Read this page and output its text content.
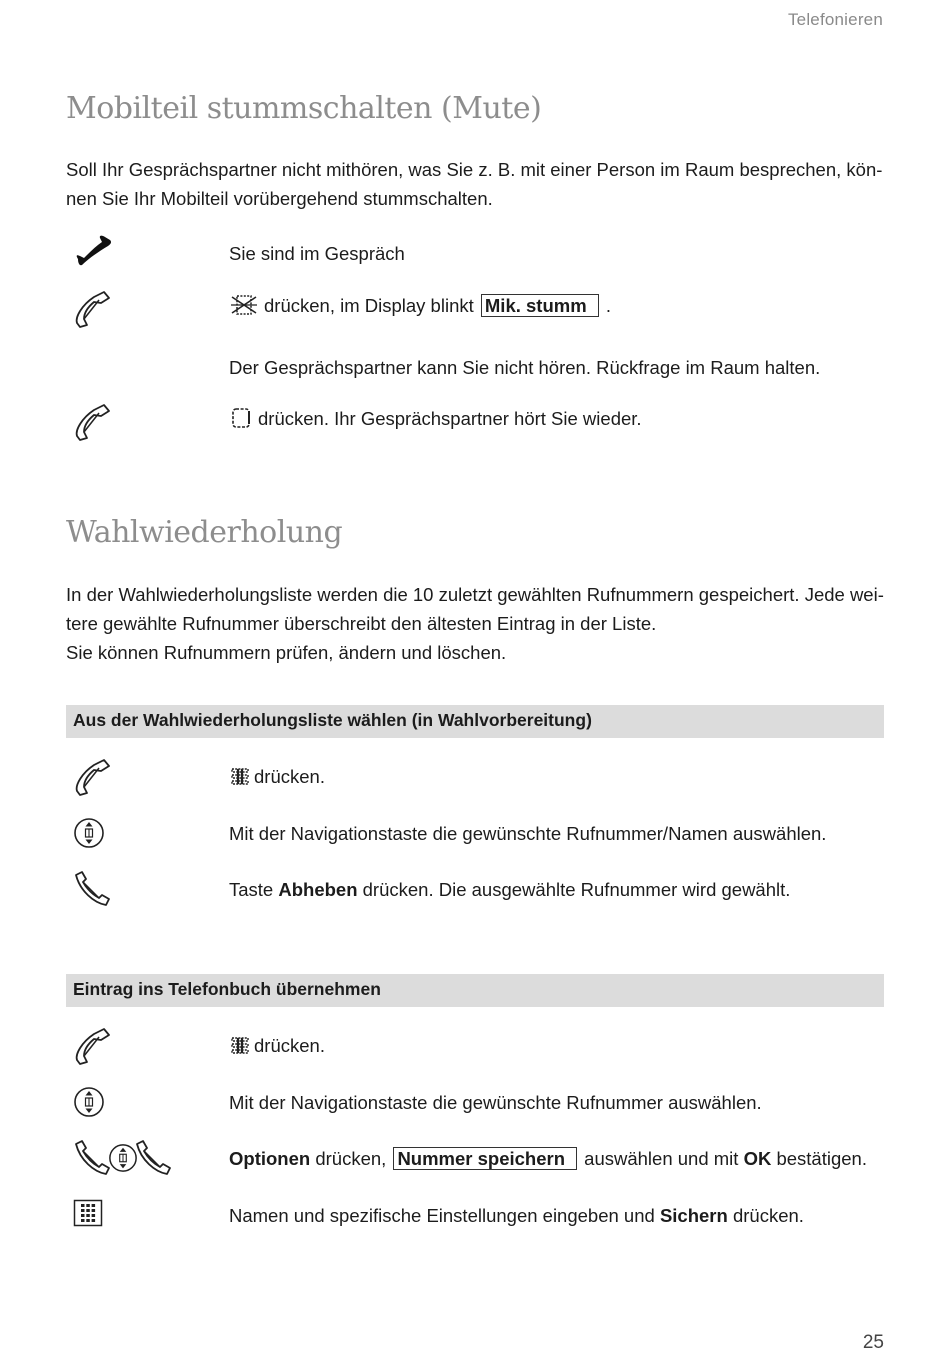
Telefonieren
Mobilteil stummschalten (Mute)

Soll Ihr Gesprächspartner nicht mithören, was Sie z. B. mit einer Person im Raum besprechen, kön-
nen Sie Ihr Mobilteil vorübergehend stummschalten.

Sie sind im Gespräch
drücken, im Display blinkt Mik. stumm .
Der Gesprächspartner kann Sie nicht hören. Rückfrage im Raum halten.
drücken. Ihr Gesprächspartner hört Sie wieder.
Wahlwiederholung

In der Wahlwiederholungsliste werden die 10 zuletzt gewählten Rufnummern gespeichert. Jede wei-
tere gewählte Rufnummer überschreibt den ältesten Eintrag in der Liste.
Sie können Rufnummern prüfen, ändern und löschen.

Aus der Wahlwiederholungsliste wählen (in Wahlvorbereitung)
drücken.
Mit der Navigationstaste die gewünschte Rufnummer/Namen auswählen.
Taste Abheben drücken. Die ausgewählte Rufnummer wird gewählt.
Eintrag ins Telefonbuch übernehmen
drücken.
Mit der Navigationstaste die gewünschte Rufnummer auswählen.
Optionen drücken, Nummer speichern auswählen und mit OK bestätigen.
Namen und spezifische Einstellungen eingeben und Sichern drücken.
25
